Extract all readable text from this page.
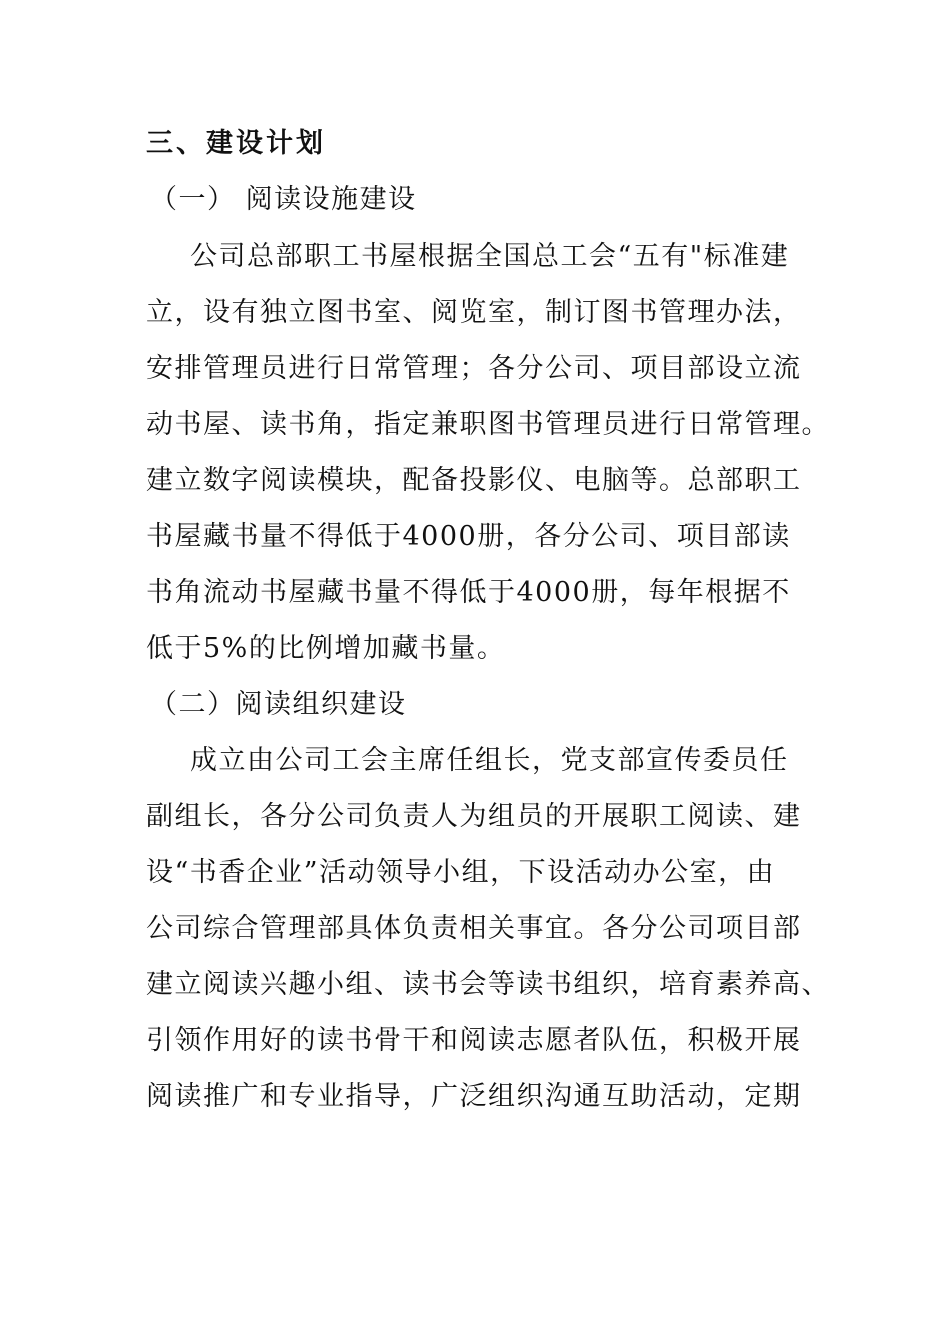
三、建设计划
（一） 阅读设施建设
公司总部职工书屋根据全国总工会“五有"标准建
立，设有独立图书室、阅览室，制订图书管理办法，
安排管理员进行日常管理；各分公司、项目部设立流
动书屋、读书角，指定兼职图书管理员进行日常管理。
建立数字阅读模块，配备投影仪、电脑等。总部职工
书屋藏书量不得低于4000册，各分公司、项目部读
书角流动书屋藏书量不得低于4000册，每年根据不
低于5%的比例增加藏书量。
（二）阅读组织建设
成立由公司工会主席任组长，党支部宣传委员任
副组长，各分公司负责人为组员的开展职工阅读、建
设“书香企业”活动领导小组，下设活动办公室，由
公司综合管理部具体负责相关事宜。各分公司项目部
建立阅读兴趣小组、读书会等读书组织，培育素养高、
引领作用好的读书骨干和阅读志愿者队伍，积极开展
阅读推广和专业指导，广泛组织沟通互助活动，定期
